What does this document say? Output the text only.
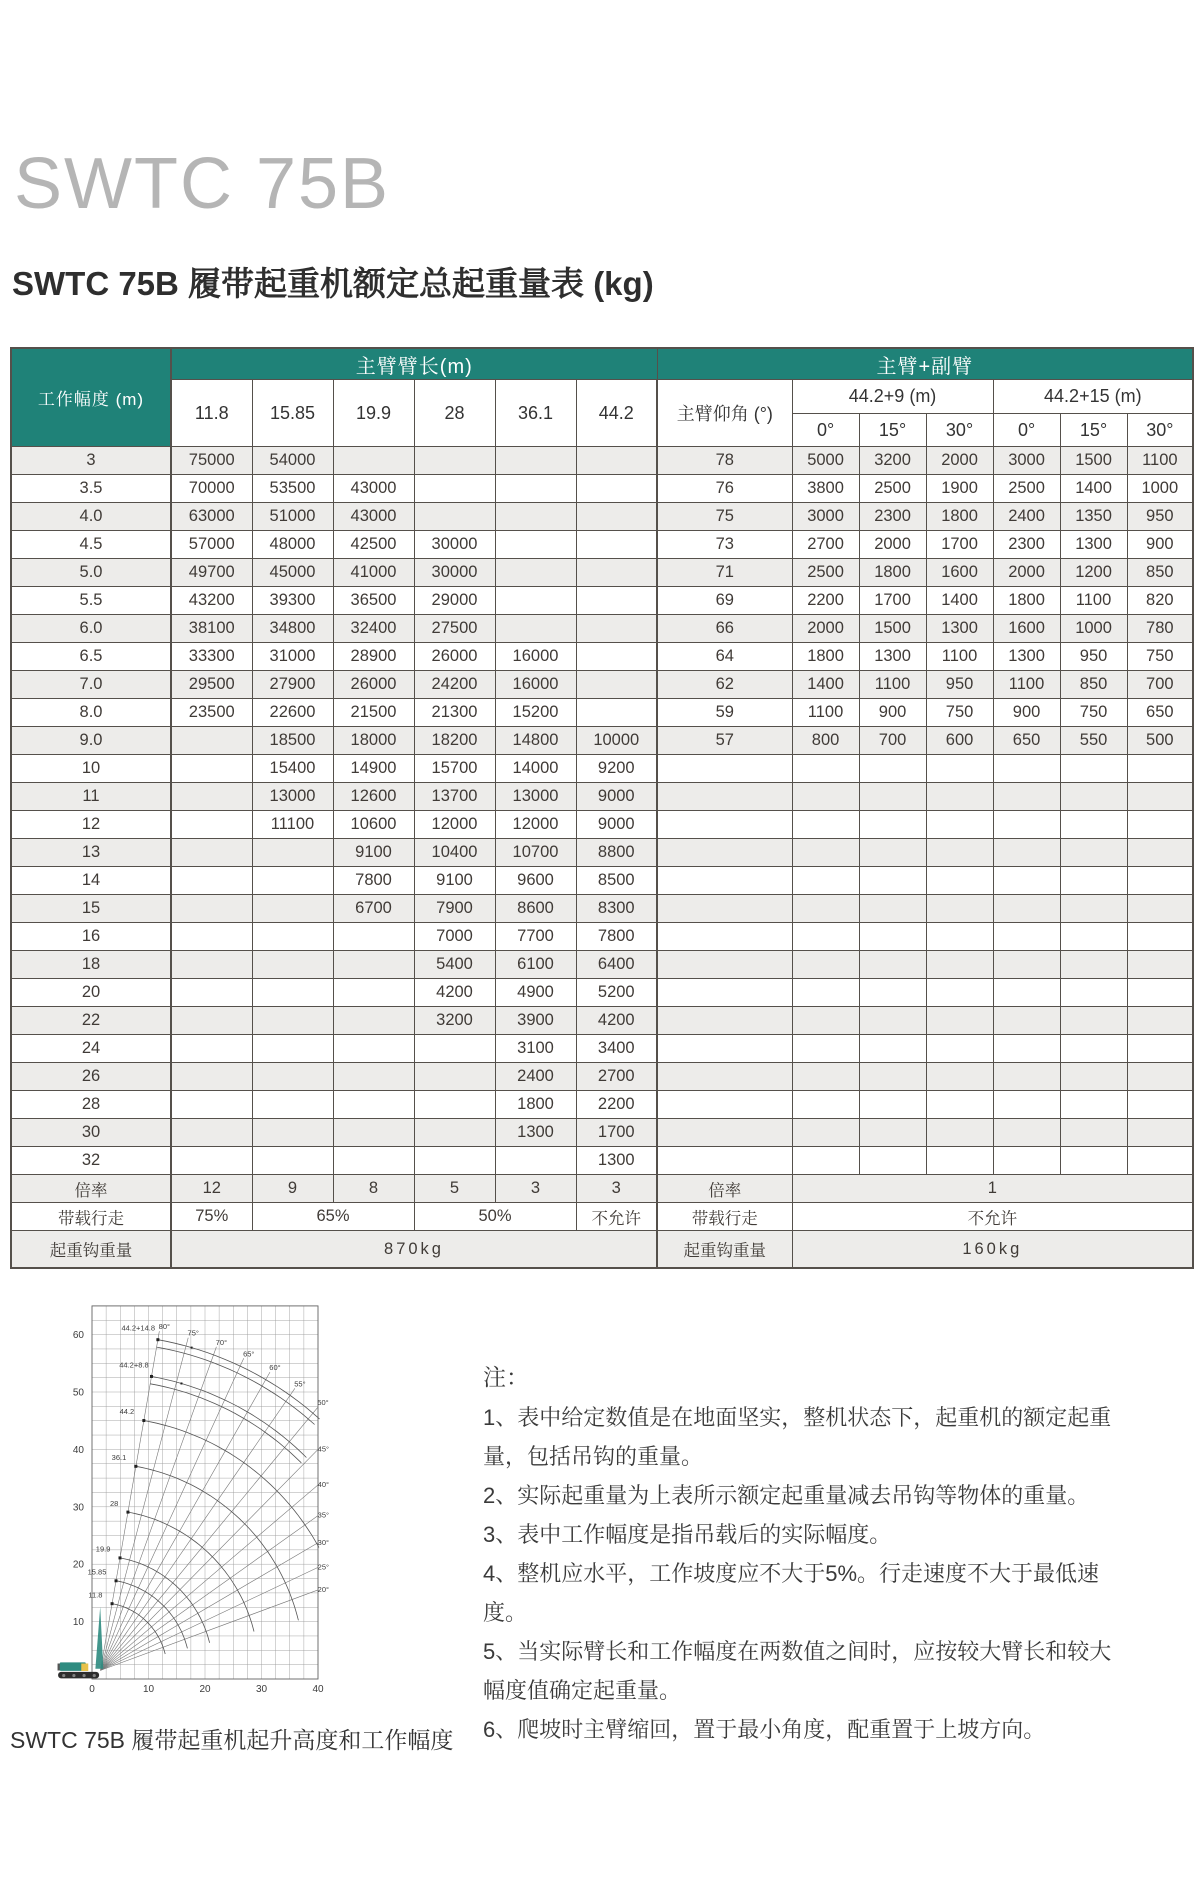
SWTC 75B
SWTC 75B 履带起重机额定总起重量表 (kg)
工作幅度 (m)	主臂臂长(m)						主臂+副臂						
	11.8	15.85	19.9	28	36.1	44.2	主臂仰角 (°)	44.2+9 (m)			44.2+15 (m)		
								0°	15°	30°	0°	15°	30°
3	75000	54000					78	5000	3200	2000	3000	1500	1100
3.5	70000	53500	43000				76	3800	2500	1900	2500	1400	1000
4.0	63000	51000	43000				75	3000	2300	1800	2400	1350	950
4.5	57000	48000	42500	30000			73	2700	2000	1700	2300	1300	900
5.0	49700	45000	41000	30000			71	2500	1800	1600	2000	1200	850
5.5	43200	39300	36500	29000			69	2200	1700	1400	1800	1100	820
6.0	38100	34800	32400	27500			66	2000	1500	1300	1600	1000	780
6.5	33300	31000	28900	26000	16000		64	1800	1300	1100	1300	950	750
7.0	29500	27900	26000	24200	16000		62	1400	1100	950	1100	850	700
8.0	23500	22600	21500	21300	15200		59	1100	900	750	900	750	650
9.0		18500	18000	18200	14800	10000	57	800	700	600	650	550	500
10		15400	14900	15700	14000	9200							
11		13000	12600	13700	13000	9000							
12		11100	10600	12000	12000	9000							
13			9100	10400	10700	8800							
14			7800	9100	9600	8500							
15			6700	7900	8600	8300							
16				7000	7700	7800							
18				5400	6100	6400							
20				4200	4900	5200							
22				3200	3900	4200							
24					3100	3400							
26					2400	2700							
28					1800	2200							
30					1300	1700							
32						1300							
倍率	12	9	8	5	3	3	倍率	1					
带载行走	75%	65%		50%		不允许	带载行走	不允许					
起重钩重量	870kg						起重钩重量	160kg					
20°
25°
30°
35°
40°
45°
50°
55°
60°
65°
70°
75°
80°
11.8
15.85
19.9
28
36.1
44.2
44.2+8.8
44.2+14.8
0	10	20	30	40
10
20
30
40
50
60
注：
1、表中给定数值是在地面坚实，整机状态下，起重机的额定起重量，包括吊钩的重量。
2、实际起重量为上表所示额定起重量减去吊钩等物体的重量。
3、表中工作幅度是指吊载后的实际幅度。
4、整机应水平，工作坡度应不大于5%。行走速度不大于最低速度。
5、当实际臂长和工作幅度在两数值之间时，应按较大臂长和较大幅度值确定起重量。
6、爬坡时主臂缩回，置于最小角度，配重置于上坡方向。
SWTC 75B 履带起重机起升高度和工作幅度
